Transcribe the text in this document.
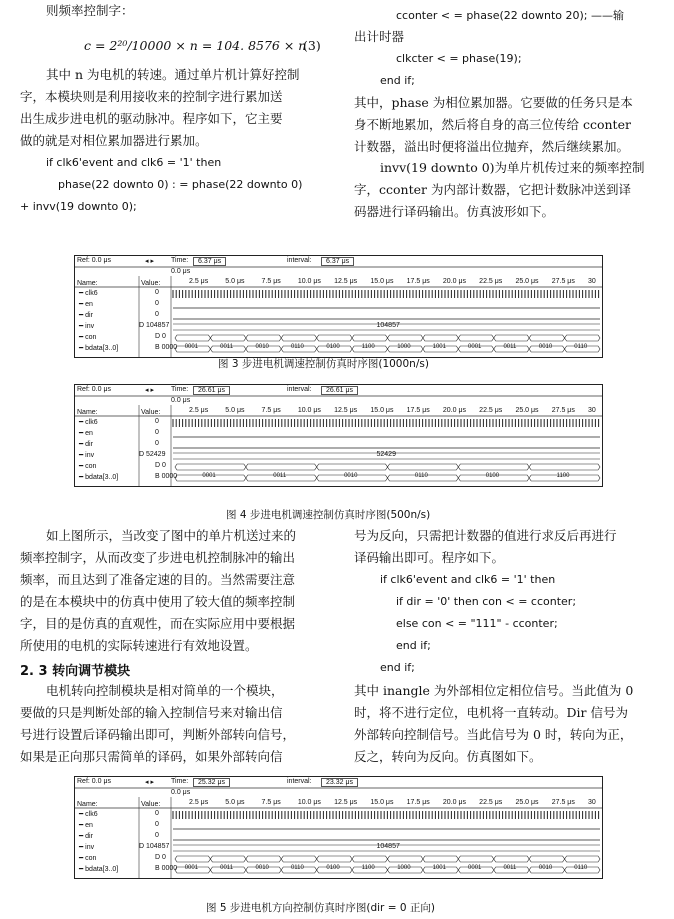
则频率控制字：
c = 2²⁰/10000 × n = 104. 8576 × n
(3)
其中 n 为电机的转速。通过单片机计算好控制
字，本模块则是利用接收来的控制字进行累加送
出生成步进电机的驱动脉冲。程序如下，它主要
做的就是对相位累加器进行累加。
if clk6'event and clk6 = '1' then
phase(22 downto 0) : = phase(22 downto 0)
+ invv(19 downto 0);
cconter < = phase(22 downto 20); ——输
出计时器
clkcter < = phase(19);
end if;
其中，phase 为相位累加器。它要做的任务只是本
身不断地累加，然后将自身的高三位传给 cconter
计数器，溢出时便将溢出位抛弃，然后继续累加。
invv(19 downto 0)为单片机传过来的频率控制
字，cconter 为内部计数器，它把计数脉冲送到译
码器进行译码输出。仿真波形如下。
Ref: 0.0 μs	◂ ▸ Time:	6.37 μs	interval:	6.37 μs
0.0 μs
Name:	Value:	2.5 μs 5.0 μs 7.5 μs 10.0 μs 12.5 μs 15.0 μs 17.5 μs 20.0 μs 22.5 μs 25.0 μs 27.5 μs 30
━ clk6	0
━ en	0
━ dir	0
━ inv	D 104857
━ con	D 0
━ bdata[3..0]	B 0000
104857
0001	0011	0010	0110	0100	1100	1000	1001	0001	0011	0010	0110
图 3 步进电机调速控制仿真时序图(1000n/s)
Ref: 0.0 μs	◂ ▸ Time:	26.61 μs	interval:	26.61 μs
0.0 μs
Name:	Value:	2.5 μs 5.0 μs 7.5 μs 10.0 μs 12.5 μs 15.0 μs 17.5 μs 20.0 μs 22.5 μs 25.0 μs 27.5 μs 30
━ clk6	0
━ en	0
━ dir	0
━ inv	D 52429
━ con	D 0
━ bdata[3..0]	B 0000
52429
0001	0011	0010	0110	0100	1100
图 4 步进电机调速控制仿真时序图(500n/s)
如上图所示，当改变了图中的单片机送过来的
频率控制字，从而改变了步进电机控制脉冲的输出
频率，而且达到了准备定速的目的。当然需要注意
的是在本模块中的仿真中使用了较大值的频率控制
字，目的是仿真的直观性，而在实际应用中要根据
所使用的电机的实际转速进行有效地设置。
2. 3 转向调节模块
电机转向控制模块是相对简单的一个模块，
要做的只是判断处部的输入控制信号来对输出信
号进行设置后译码输出即可，判断外部转向信号，
如果是正向那只需简单的译码，如果外部转向信
号为反向，只需把计数器的值进行求反后再进行
译码输出即可。程序如下。
if clk6'event and clk6 = '1' then
if dir = '0' then con < = cconter;
else con < = "111" - cconter;
end if;
end if;
其中 inangle 为外部相位定相位信号。当此值为 0
时，将不进行定位，电机将一直转动。Dir 信号为
外部转向控制信号。当此信号为 0 时，转向为正，
反之，转向为反向。仿真图如下。
Ref: 0.0 μs	◂ ▸ Time:	25.32 μs	interval:	23.32 μs
0.0 μs
Name:	Value:	2.5 μs 5.0 μs 7.5 μs 10.0 μs 12.5 μs 15.0 μs 17.5 μs 20.0 μs 22.5 μs 25.0 μs 27.5 μs 30
━ clk6	0
━ en	0
━ dir	0
━ inv	D 104857
━ con	D 0
━ bdata[3..0]	B 0000
104857
0001	0011	0010	0110	0100	1100	1000	1001	0001	0011	0010	0110
图 5 步进电机方向控制仿真时序图(dir = 0 正向)
